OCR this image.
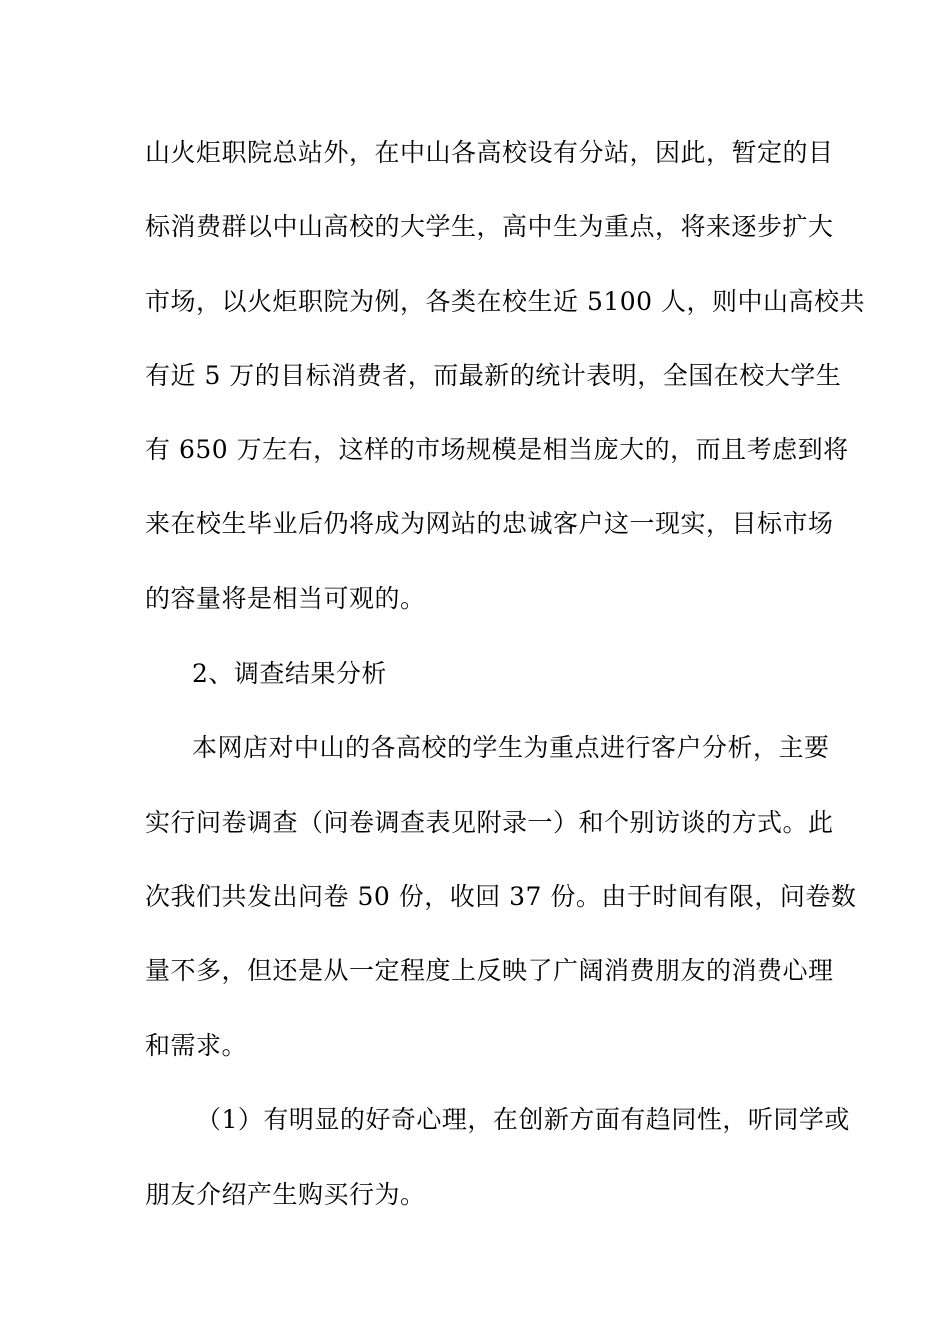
山火炬职院总站外，在中山各高校设有分站，因此，暂定的目
标消费群以中山高校的大学生，高中生为重点，将来逐步扩大
市场，以火炬职院为例，各类在校生近 5100 人，则中山高校共
有近 5 万的目标消费者，而最新的统计表明，全国在校大学生
有 650 万左右，这样的市场规模是相当庞大的，而且考虑到将
来在校生毕业后仍将成为网站的忠诚客户这一现实，目标市场
的容量将是相当可观的。
2、调查结果分析
本网店对中山的各高校的学生为重点进行客户分析，主要
实行问卷调查（问卷调查表见附录一）和个别访谈的方式。此
次我们共发出问卷 50 份，收回 37 份。由于时间有限，问卷数
量不多，但还是从一定程度上反映了广阔消费朋友的消费心理
和需求。
（1）有明显的好奇心理，在创新方面有趋同性，听同学或
朋友介绍产生购买行为。
